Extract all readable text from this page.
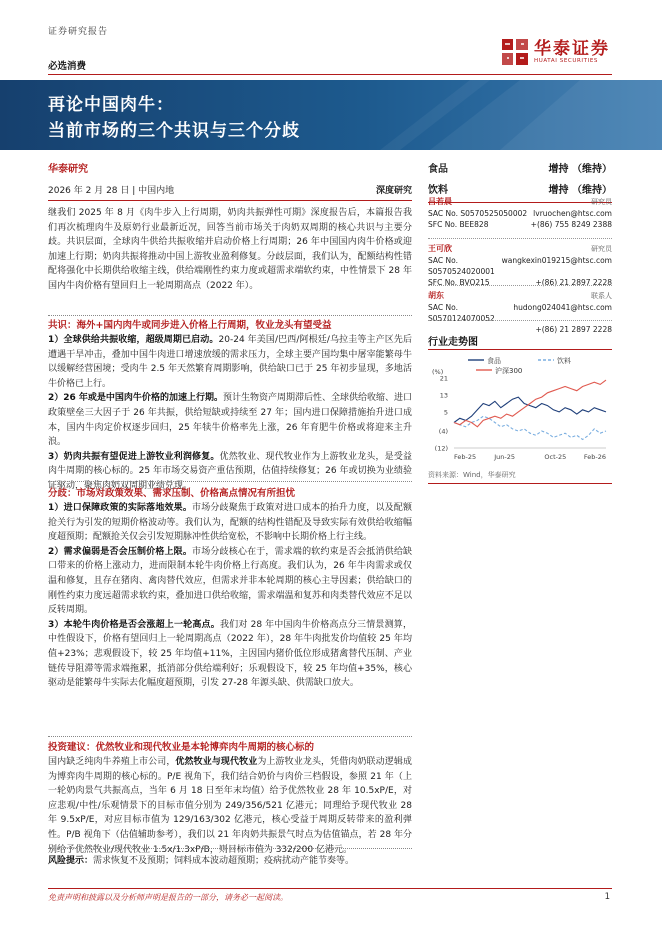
证券研究报告
必选消费
华泰证券
HUATAI SECURITIES
再论中国肉牛：
当前市场的三个共识与三个分歧
华泰研究
2026 年 2 月 28 日 | 中国内地	深度研究
继我们 2025 年 8 月《肉牛步入上行周期，奶肉共振弹性可期》深度报告后，本篇报告我们再次梳理肉牛及原奶行业最新近况，回答当前市场关于肉奶双周期的核心共识与主要分歧。共识层面，全球肉牛供给共振收缩并启动价格上行周期；26 年中国国内肉牛价格或迎加速上行期；奶肉共振将推动中国上游牧业盈利修复。分歧层面，我们认为，配额结构性错配将强化中长期供给收缩主线，供给端刚性约束力度或超需求端软约束，中性情景下 28 年国内牛肉价格有望回归上一轮周期高点（2022 年）。
共识：海外+国内肉牛或同步进入价格上行周期，牧业龙头有望受益
1）全球供给共振收缩，超级周期已启动。20-24 年美国/巴西/阿根廷/乌拉圭等主产区先后遭遇干旱冲击，叠加中国牛肉进口增速放缓的需求压力，全球主要产国均集中屠宰能繁母牛以缓解经营困境；受肉牛 2.5 年天然繁育周期影响，供给缺口已于 25 年初步显现，多地活牛价格已上行。
2）26 年或是中国肉牛价格的加速上行期。预计生物资产周期滞后性、全球供给收缩、进口政策壁垒三大因子于 26 年共振，供给短缺或持续至 27 年；国内进口保障措施抬升进口成本，国内牛肉定价权逐步回归，25 年犊牛价格率先上涨，26 年育肥牛价格或将迎来主升浪。
3）奶肉共振有望促进上游牧业利润修复。优然牧业、现代牧业作为上游牧业龙头，是受益肉牛周期的核心标的。25 年市场交易资产重估预期，估值持续修复；26 年或切换为业绩验证驱动，聚焦肉奶双周期业绩兑现。
分歧：市场对政策效果、需求压制、价格高点情况有所担忧
1）进口保障政策的实际落地效果。市场分歧聚焦于政策对进口成本的抬升力度，以及配额抢关行为引发的短期价格波动等。我们认为，配额的结构性错配及导致实际有效供给收缩幅度超预期；配额抢关仅会引发短期脉冲性供给宽松，不影响中长期价格上行主线。
2）需求偏弱是否会压制价格上限。市场分歧核心在于，需求端的软约束是否会抵消供给缺口带来的价格上涨动力，进而限制本轮牛肉价格上行高度。我们认为，26 年牛肉需求或仅温和修复，且存在猪肉、禽肉替代效应，但需求并非本轮周期的核心主导因素；供给缺口的刚性约束力度远超需求软约束，叠加进口供给收缩，需求端温和复苏和肉类替代效应不足以反转周期。
3）本轮牛肉价格是否会涨超上一轮高点。我们对 28 年中国肉牛价格高点分三情景测算，中性假设下，价格有望回归上一轮周期高点（2022 年），28 年牛肉批发价均值较 25 年均值+23%；悲观假设下，较 25 年均值+11%，主因国内猪价低位形成猪禽替代压制、产业链传导阻滞等需求端拖累，抵消部分供给端利好；乐观假设下，较 25 年均值+35%，核心驱动是能繁母牛实际去化幅度超预期，引发 27-28 年源头缺、供需缺口放大。
投资建议：优然牧业和现代牧业是本轮博弈肉牛周期的核心标的
国内缺乏纯肉牛养殖上市公司，优然牧业与现代牧业为上游牧业龙头，凭借肉奶联动逻辑成为博弈肉牛周期的核心标的。P/E 视角下，我们结合奶价与肉价三档假设，参照 21 年（上一轮奶肉景气共振高点，当年 6 月 18 日至年末均值）给予优然牧业 28 年 10.5xP/E，对应悲观/中性/乐观情景下的目标市值分别为 249/356/521 亿港元；同理给予现代牧业 28 年 9.5xP/E，对应目标市值为 129/163/302 亿港元，核心受益于周期反转带来的盈利弹性。P/B 视角下（估值辅助参考），我们以 21 年肉奶共振景气时点为估值锚点，若 28 年分别给予优然牧业/现代牧业 1.5x/1.3xP/B，则目标市值为 332/200 亿港元。
风险提示：需求恢复不及预期；饲料成本波动超预期；疫病扰动产能节奏等。
食品	增持 （维持）
饮料	增持 （维持）
吕若晨	研究员
SAC No. S0570525050002 lvruochen@htsc.com
SFC No. BEE828	+(86) 755 8249 2388
王可欣	研究员
SAC No. S0570524020001
wangkexin019215@htsc.com
SFC No. BVO215	+(86) 21 2897 2228
胡东	联系人
SAC No. S0570124070052
hudong024041@htsc.com
+(86) 21 2897 2228
行业走势图
食品	饮料
沪深300
(%)
21
13
5
(4)
(12)
Feb-25	Jun-25	Oct-25	Feb-26
资料来源：Wind，华泰研究
免责声明和披露以及分析师声明是报告的一部分，请务必一起阅读。	1
